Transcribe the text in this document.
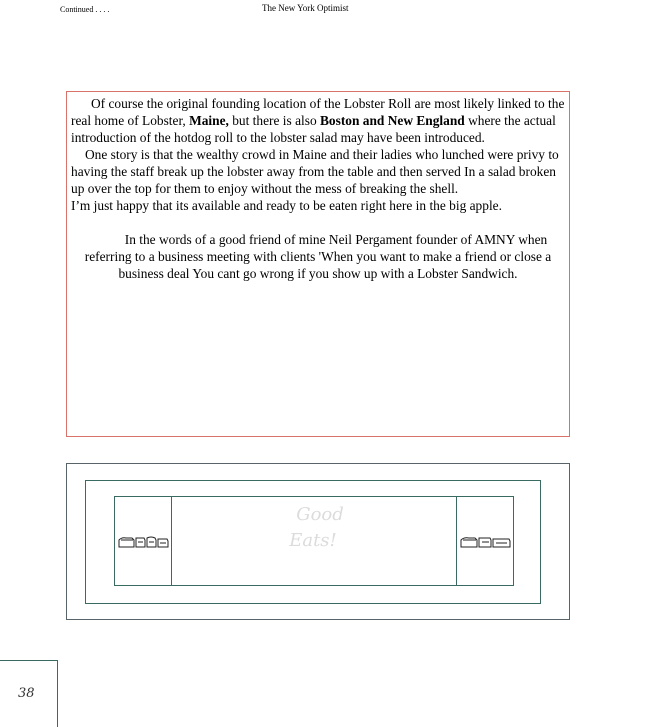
Continued . . . .	The New York Optimist

Of course the original founding location of the Lobster Roll are most likely linked to the real home of Lobster, Maine, but there is also Boston and New England where the actual introduction of the hotdog roll to the lobster salad may have been introduced.

One story is that the wealthy crowd in Maine and their ladies who lunched were privy to having the staff break up the lobster away from the table and then served In a salad broken up over the top for them to enjoy without the mess of breaking the shell.

I’m just happy that its available and ready to be eaten right here in the big apple.

In the words of a good friend of mine Neil Pergament founder of AMNY when referring to a business meeting with clients 'When you want to make a friend or close a business deal You cant go wrong if you show up with a Lobster Sandwich.

Good
Eats!
38
